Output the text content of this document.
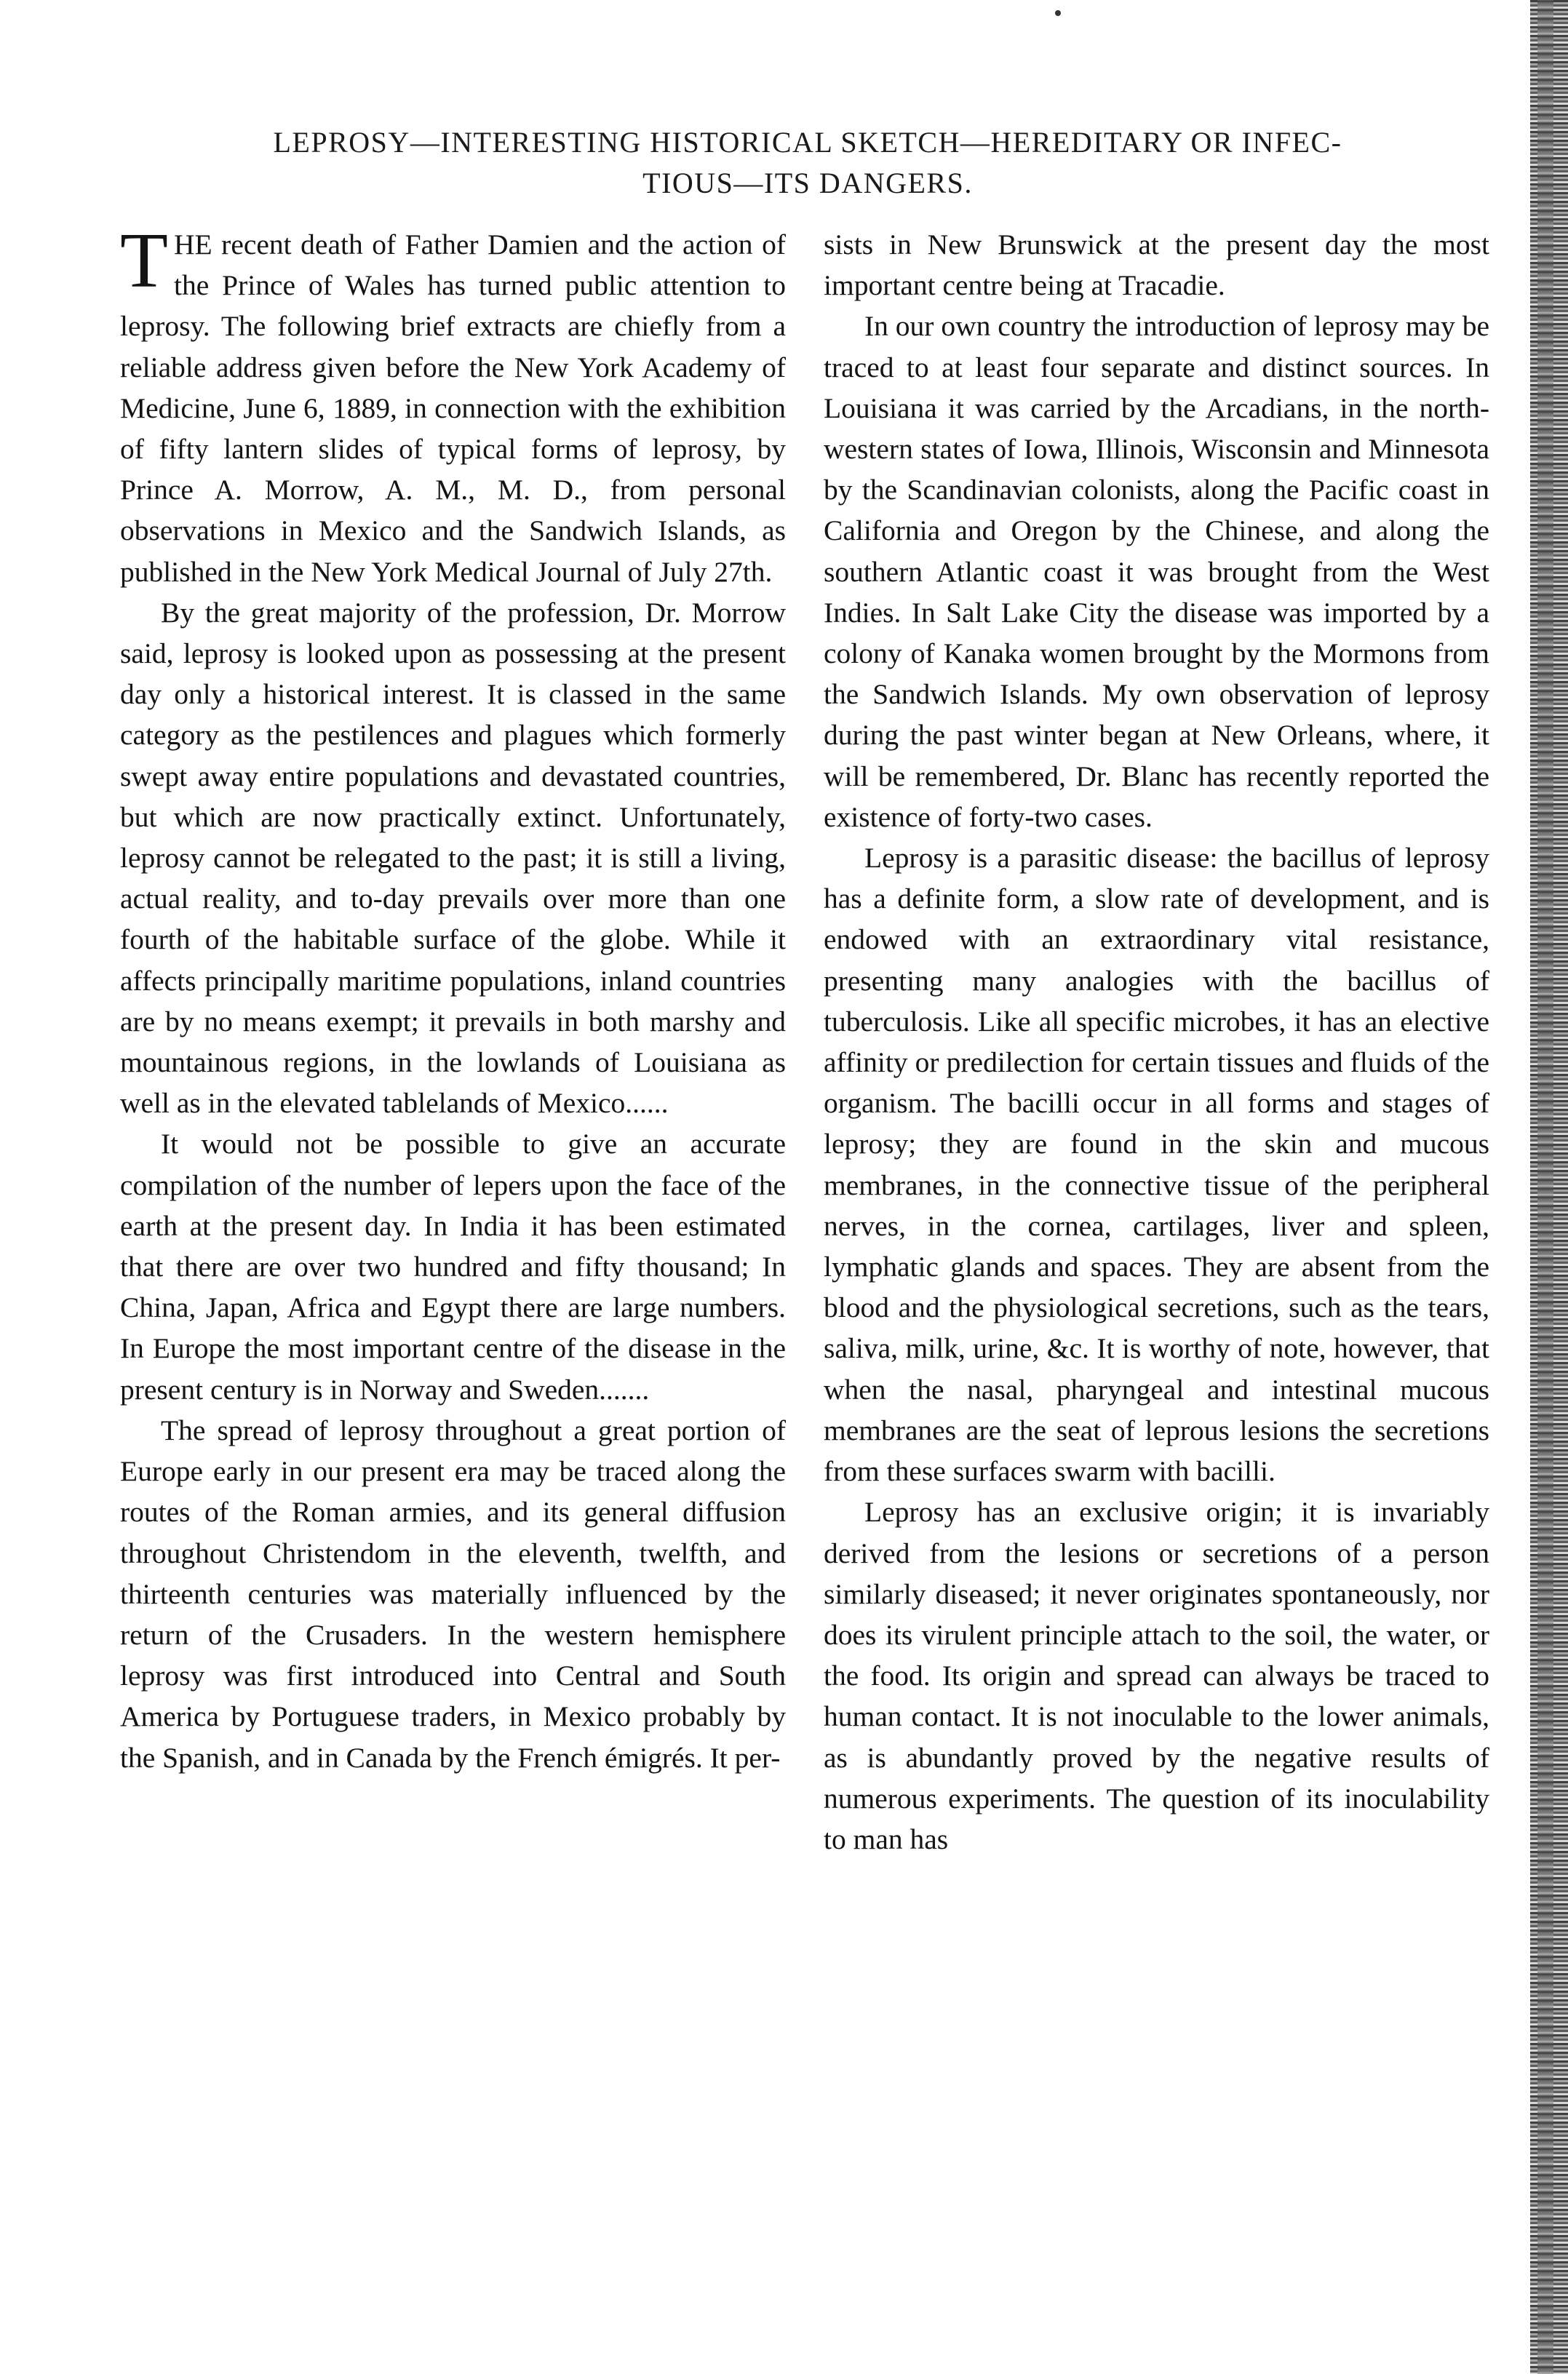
LEPROSY—INTERESTING HISTORICAL SKETCH—HEREDITARY OR INFEC-
TIOUS—ITS DANGERS.

THE recent death of Father Damien and the action of the Prince of Wales has turned public attention to leprosy. The following brief extracts are chiefly from a reliable address given before the New York Academy of Medicine, June 6, 1889, in connection with the exhibition of fifty lantern slides of typical forms of leprosy, by Prince A. Morrow, A. M., M. D., from personal observations in Mexico and the Sandwich Islands, as published in the New York Medical Journal of July 27th.

By the great majority of the profession, Dr. Morrow said, leprosy is looked upon as possessing at the present day only a historical interest. It is classed in the same category as the pestilences and plagues which formerly swept away entire populations and devastated countries, but which are now practically extinct. Unfortunately, leprosy cannot be relegated to the past; it is still a living, actual reality, and to-day prevails over more than one fourth of the habitable surface of the globe. While it affects principally maritime populations, inland countries are by no means exempt; it prevails in both marshy and mountainous regions, in the lowlands of Louisiana as well as in the elevated tablelands of Mexico......

It would not be possible to give an accurate compilation of the number of lepers upon the face of the earth at the present day. In India it has been estimated that there are over two hundred and fifty thousand; In China, Japan, Africa and Egypt there are large numbers. In Europe the most important centre of the disease in the present century is in Norway and Sweden.......

The spread of leprosy throughout a great portion of Europe early in our present era may be traced along the routes of the Roman armies, and its general diffusion throughout Christendom in the eleventh, twelfth, and thirteenth centuries was materially influenced by the return of the Crusaders. In the western hemisphere leprosy was first introduced into Central and South America by Portuguese traders, in Mexico probably by the Spanish, and in Canada by the French émigrés. It per-

sists in New Brunswick at the present day the most important centre being at Tracadie.

In our own country the introduction of leprosy may be traced to at least four separate and distinct sources. In Louisiana it was carried by the Arcadians, in the north-western states of Iowa, Illinois, Wisconsin and Minnesota by the Scandinavian colonists, along the Pacific coast in California and Oregon by the Chinese, and along the southern Atlantic coast it was brought from the West Indies. In Salt Lake City the disease was imported by a colony of Kanaka women brought by the Mormons from the Sandwich Islands. My own observation of leprosy during the past winter began at New Orleans, where, it will be remembered, Dr. Blanc has recently reported the existence of forty-two cases.

Leprosy is a parasitic disease: the bacillus of leprosy has a definite form, a slow rate of development, and is endowed with an extraordinary vital resistance, presenting many analogies with the bacillus of tuberculosis. Like all specific microbes, it has an elective affinity or predilection for certain tissues and fluids of the organism. The bacilli occur in all forms and stages of leprosy; they are found in the skin and mucous membranes, in the connective tissue of the peripheral nerves, in the cornea, cartilages, liver and spleen, lymphatic glands and spaces. They are absent from the blood and the physiological secretions, such as the tears, saliva, milk, urine, &c. It is worthy of note, however, that when the nasal, pharyngeal and intestinal mucous membranes are the seat of leprous lesions the secretions from these surfaces swarm with bacilli.

Leprosy has an exclusive origin; it is invariably derived from the lesions or secretions of a person similarly diseased; it never originates spontaneously, nor does its virulent principle attach to the soil, the water, or the food. Its origin and spread can always be traced to human contact. It is not inoculable to the lower animals, as is abundantly proved by the negative results of numerous experiments. The question of its inoculability to man has
